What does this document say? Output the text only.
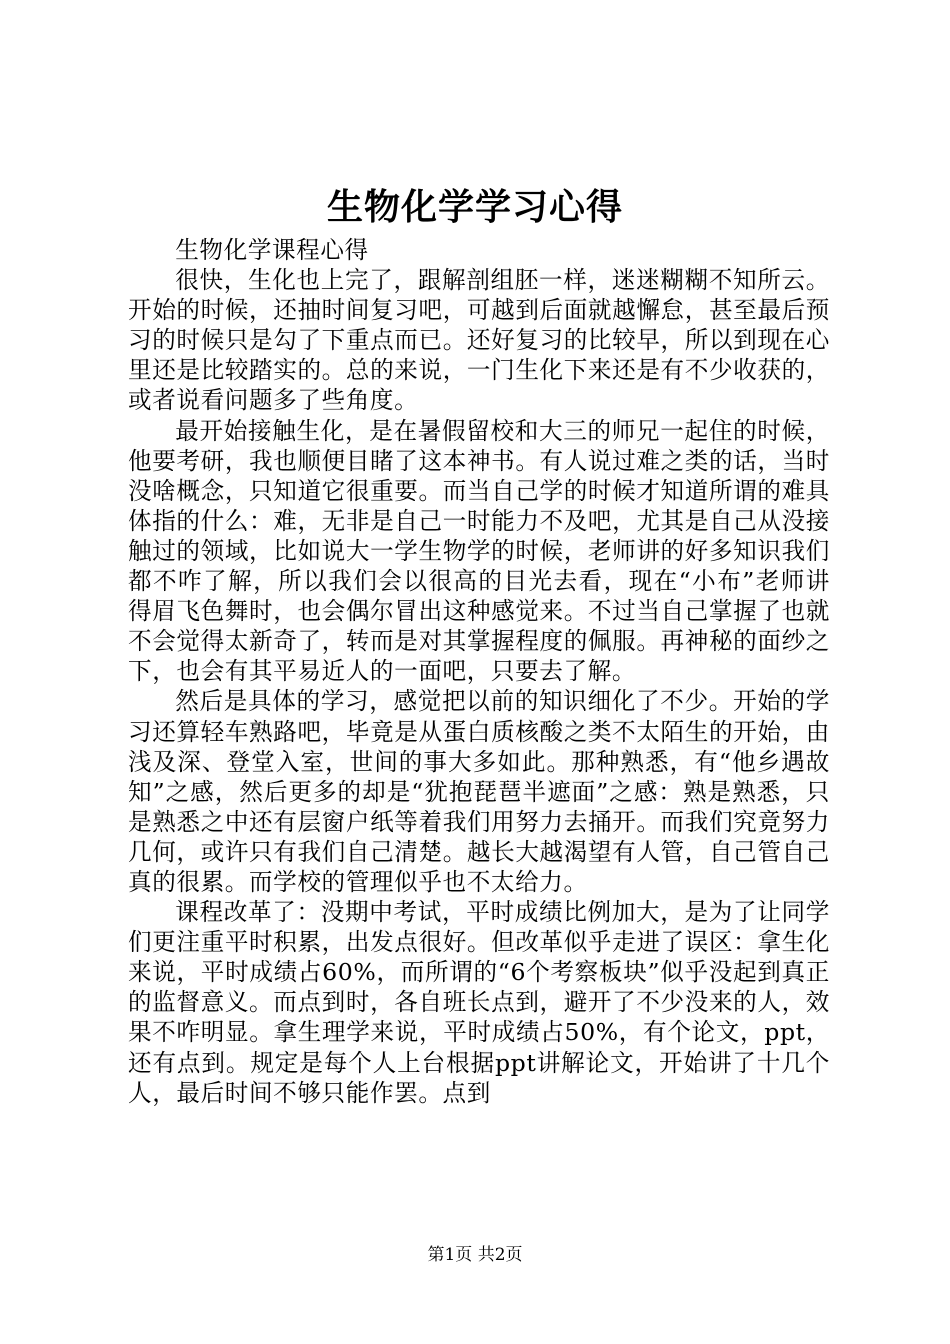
生物化学学习心得

生物化学课程心得

很快，生化也上完了，跟解剖组胚一样，迷迷糊糊不知所云。开始的时候，还抽时间复习吧，可越到后面就越懈怠，甚至最后预习的时候只是勾了下重点而已。还好复习的比较早，所以到现在心里还是比较踏实的。总的来说，一门生化下来还是有不少收获的，或者说看问题多了些角度。

最开始接触生化，是在暑假留校和大三的师兄一起住的时候，他要考研，我也顺便目睹了这本神书。有人说过难之类的话，当时没啥概念，只知道它很重要。而当自己学的时候才知道所谓的难具体指的什么：难，无非是自己一时能力不及吧，尤其是自己从没接触过的领域，比如说大一学生物学的时候，老师讲的好多知识我们都不咋了解，所以我们会以很高的目光去看，现在“小布”老师讲得眉飞色舞时，也会偶尔冒出这种感觉来。不过当自己掌握了也就不会觉得太新奇了，转而是对其掌握程度的佩服。再神秘的面纱之下，也会有其平易近人的一面吧，只要去了解。

然后是具体的学习，感觉把以前的知识细化了不少。开始的学习还算轻车熟路吧，毕竟是从蛋白质核酸之类不太陌生的开始，由浅及深、登堂入室，世间的事大多如此。那种熟悉，有“他乡遇故知”之感，然后更多的却是“犹抱琵琶半遮面”之感：熟是熟悉，只是熟悉之中还有层窗户纸等着我们用努力去捅开。而我们究竟努力几何，或许只有我们自己清楚。越长大越渴望有人管，自己管自己真的很累。而学校的管理似乎也不太给力。

课程改革了：没期中考试，平时成绩比例加大，是为了让同学们更注重平时积累，出发点很好。但改革似乎走进了误区：拿生化来说，平时成绩占60%，而所谓的“6个考察板块”似乎没起到真正的监督意义。而点到时，各自班长点到，避开了不少没来的人，效果不咋明显。拿生理学来说，平时成绩占50%，有个论文，ppt，还有点到。规定是每个人上台根据ppt讲解论文，开始讲了十几个人，最后时间不够只能作罢。点到

第1页 共2页
